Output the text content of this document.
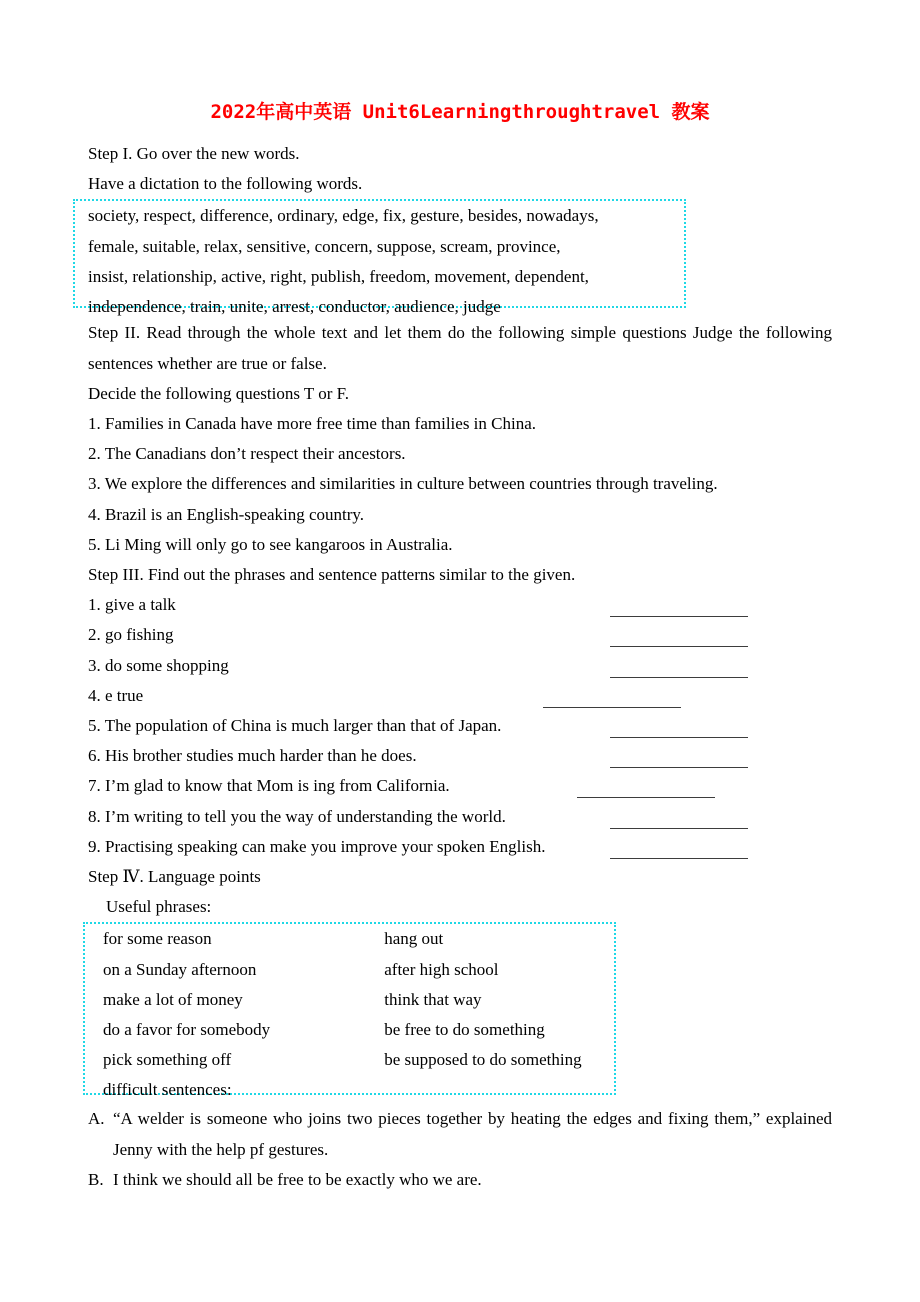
2022年高中英语 Unit6Learningthroughtravel 教案

Step I. Go over the new words.

Have a dictation to the following words.

society, respect, difference, ordinary, edge, fix, gesture, besides, nowadays,

female, suitable, relax, sensitive, concern, suppose, scream, province,

insist, relationship, active, right, publish, freedom, movement, dependent,

independence, train, unite, arrest, conductor, audience, judge

Step II. Read through the whole text and let them do the following simple questions Judge the following sentences whether are true or false.

Decide the following questions T or F.

1. Families in Canada have more free time than families in China.

2. The Canadians don’t respect their ancestors.

3. We explore the differences and similarities in culture between countries through traveling.

4. Brazil is an English-speaking country.

5. Li Ming will only go to see kangaroos in Australia.

Step III. Find out the phrases and sentence patterns similar to the given.

1. give a talk
2. go fishing
3. do some shopping
4. e true
5. The population of China is much larger than that of Japan.
6. His brother studies much harder than he does.
7. I’m glad to know that Mom is ing from California.
8. I’m writing to tell you the way of understanding the world.
9. Practising speaking can make you improve your spoken English.

Step Ⅳ. Language points

Useful phrases:

for some reason	hang out

on a Sunday afternoon	after high school

make a lot of money	think that way

do a favor for somebody	be free to do something

pick something off	be supposed to do something

difficult sentences:

A. “A welder is someone who joins two pieces together by heating the edges and fixing them,” explained Jenny with the help pf gestures.
B. I think we should all be free to be exactly who we are.
